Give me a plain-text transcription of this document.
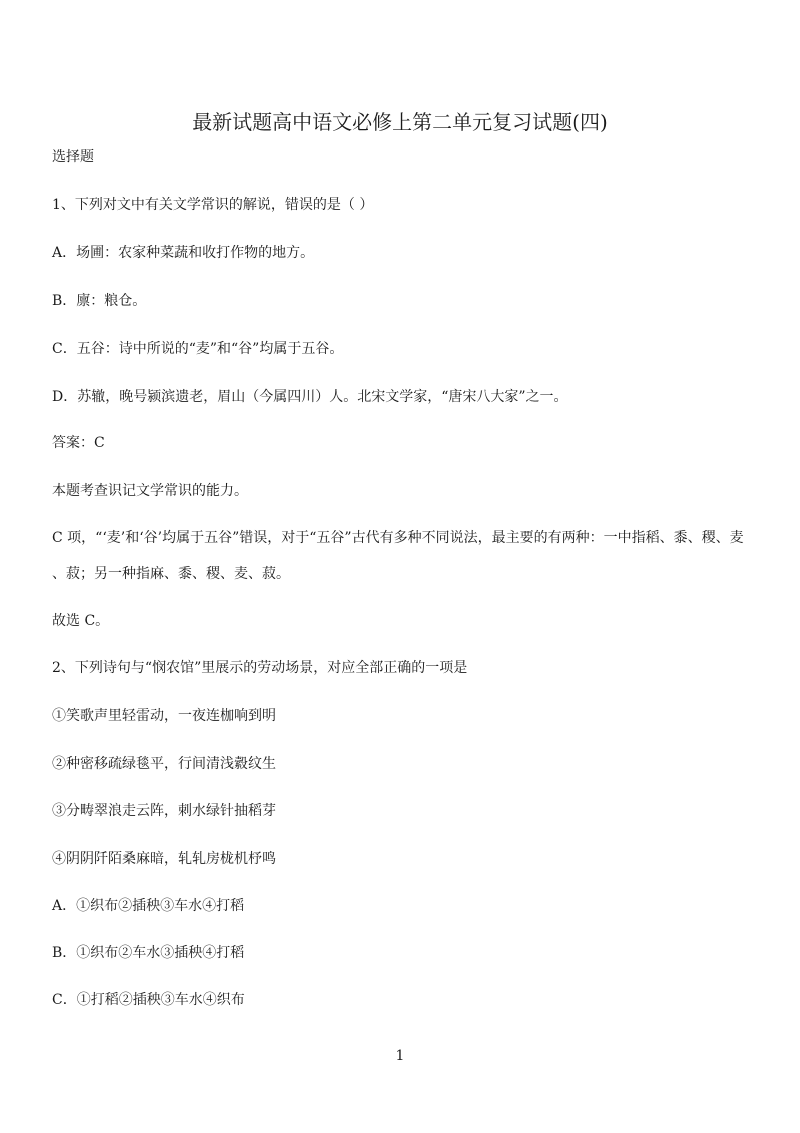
最新试题高中语文必修上第二单元复习试题(四)
选择题
1、下列对文中有关文学常识的解说，错误的是（ ）
A．场圃：农家种菜蔬和收打作物的地方。
B．廪：粮仓。
C．五谷：诗中所说的“麦”和“谷”均属于五谷。
D．苏辙，晚号颍滨遗老，眉山（今属四川）人。北宋文学家，“唐宋八大家”之一。
答案：C
本题考查识记文学常识的能力。
C 项，“‘麦’和‘谷’均属于五谷”错误，对于“五谷”古代有多种不同说法，最主要的有两种：一中指稻、黍、稷、麦
、菽；另一种指麻、黍、稷、麦、菽。
故选 C。
2、下列诗句与“悯农馆”里展示的劳动场景，对应全部正确的一项是
①笑歌声里轻雷动，一夜连枷响到明
②种密移疏绿毯平，行间清浅縠纹生
③分畴翠浪走云阵，刺水绿针抽稻芽
④阴阴阡陌桑麻暗，轧轧房栊机杼鸣
A．①织布②插秧③车水④打稻
B．①织布②车水③插秧④打稻
C．①打稻②插秧③车水④织布
1
